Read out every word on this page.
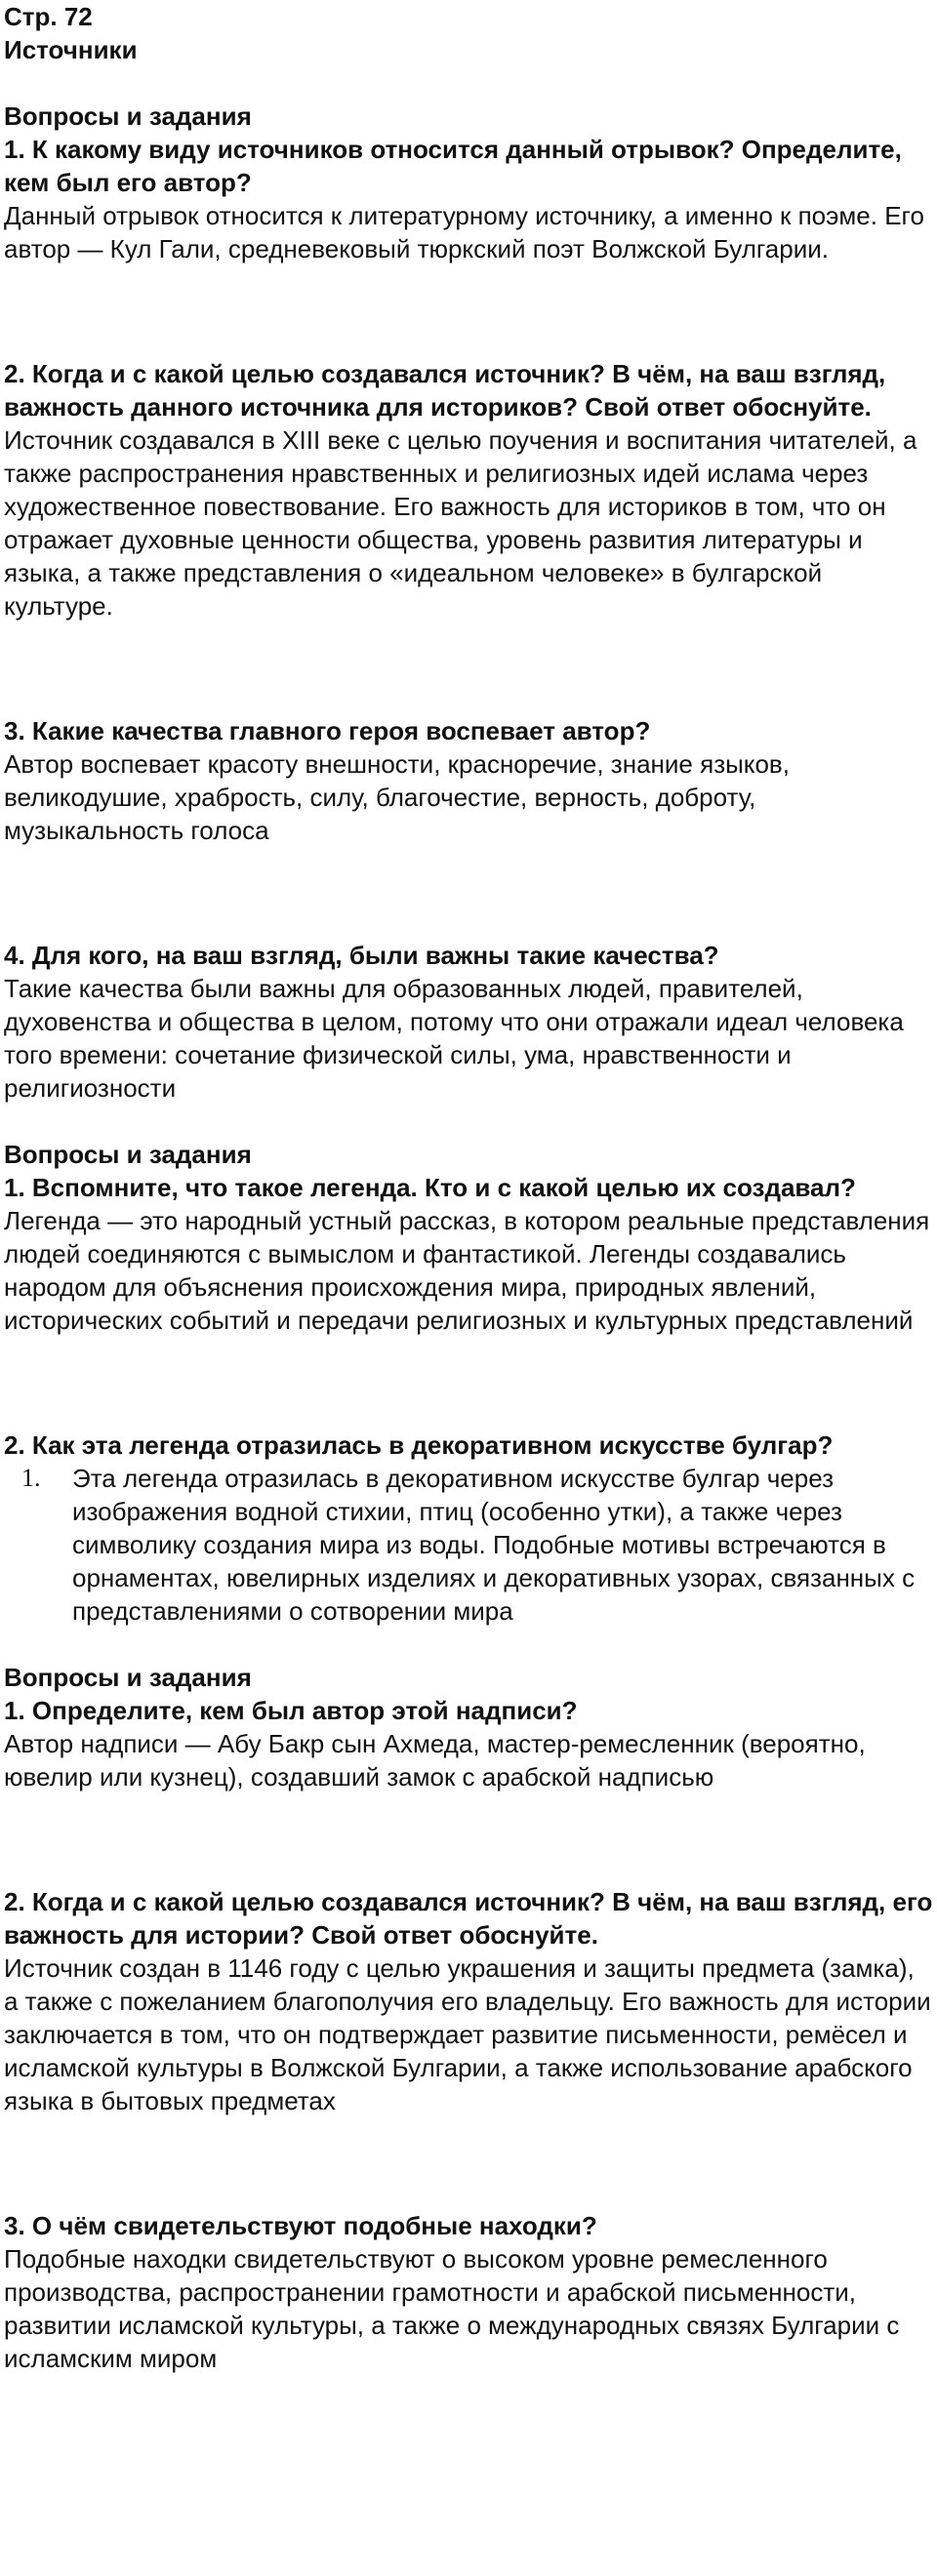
Стр. 72

Источники

Вопросы и задания

1. К какому виду источников относится данный отрывок? Определите, кем был его автор?

Данный отрывок относится к литературному источнику, а именно к поэме. Его автор — Кул Гали, средневековый тюркский поэт Волжской Булгарии.

2. Когда и с какой целью создавался источник? В чём, на ваш взгляд, важность данного источника для историков? Свой ответ обоснуйте.

Источник создавался в XIII веке с целью поучения и воспитания читателей, а также распространения нравственных и религиозных идей ислама через художественное повествование. Его важность для историков в том, что он отражает духовные ценности общества, уровень развития литературы и языка, а также представления о «идеальном человеке» в булгарской культуре.

3. Какие качества главного героя воспевает автор?

Автор воспевает красоту внешности, красноречие, знание языков, великодушие, храбрость, силу, благочестие, верность, доброту, музыкальность голоса

4. Для кого, на ваш взгляд, были важны такие качества?

Такие качества были важны для образованных людей, правителей, духовенства и общества в целом, потому что они отражали идеал человека того времени: сочетание физической силы, ума, нравственности и религиозности

Вопросы и задания

1. Вспомните, что такое легенда. Кто и с какой целью их создавал?

Легенда — это народный устный рассказ, в котором реальные представления людей соединяются с вымыслом и фантастикой. Легенды создавались народом для объяснения происхождения мира, природных явлений, исторических событий и передачи религиозных и культурных представлений

2. Как эта легенда отразилась в декоративном искусстве булгар?

1.	Эта легенда отразилась в декоративном искусстве булгар через изображения водной стихии, птиц (особенно утки), а также через символику создания мира из воды. Подобные мотивы встречаются в орнаментах, ювелирных изделиях и декоративных узорах, связанных с представлениями о сотворении мира

Вопросы и задания

1. Определите, кем был автор этой надписи?

Автор надписи — Абу Бакр сын Ахмеда, мастер-ремесленник (вероятно, ювелир или кузнец), создавший замок с арабской надписью

2. Когда и с какой целью создавался источник? В чём, на ваш взгляд, его важность для истории? Свой ответ обоснуйте.

Источник создан в 1146 году с целью украшения и защиты предмета (замка), а также с пожеланием благополучия его владельцу. Его важность для истории заключается в том, что он подтверждает развитие письменности, ремёсел и исламской культуры в Волжской Булгарии, а также использование арабского языка в бытовых предметах

3. О чём свидетельствуют подобные находки?

Подобные находки свидетельствуют о высоком уровне ремесленного производства, распространении грамотности и арабской письменности, развитии исламской культуры, а также о международных связях Булгарии с исламским миром
